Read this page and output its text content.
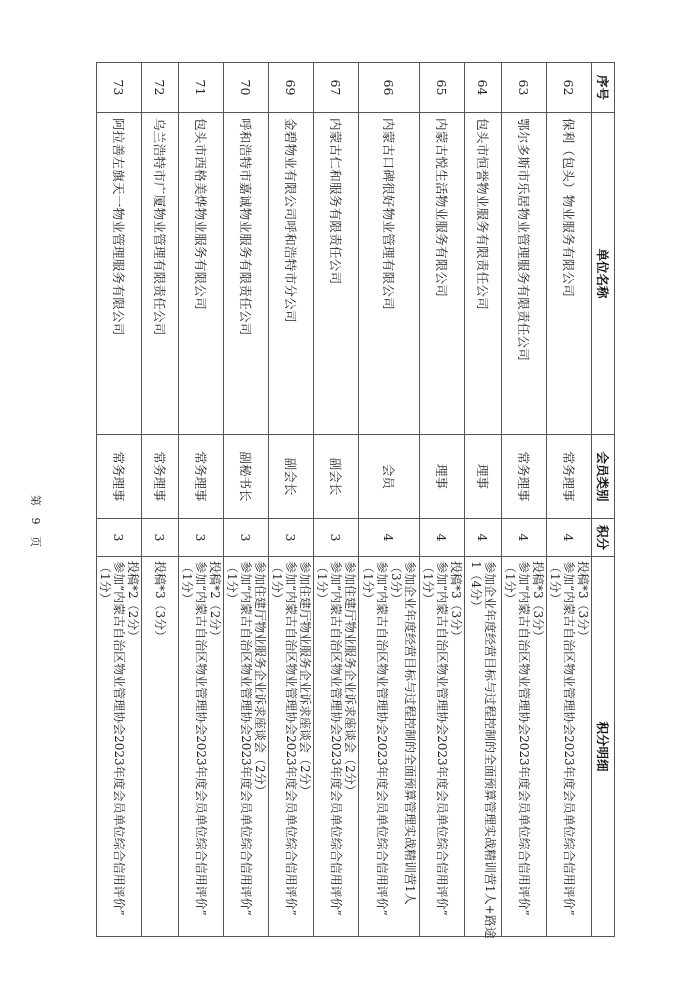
序号	单位名称	会员类别	积分	积分明细
62	保利（包头）物业服务有限公司	常务理事	4	投稿*3（3分）
参加“内蒙古自治区物业管理协会2023年度会员单位综合信用评价”
（1分）

63	鄂尔多斯市乐居物业管理服务有限责任公司	常务理事	4	投稿*3（3分）
参加“内蒙古自治区物业管理协会2023年度会员单位综合信用评价”
（1分）

64	包头市恒誉物业服务有限责任公司	理事	4	参加企业年度经营目标与过程控制的全面预算管理实战精训营1人+路途
1（4分）

65	内蒙古悦生活物业服务有限公司	理事	4	投稿*3（3分）
参加“内蒙古自治区物业管理协会2023年度会员单位综合信用评价”
（1分）

66	内蒙古口碑很好物业管理有限公司	会员	4	参加企业年度经营目标与过程控制的全面预算管理实战精训营1人
（3分）
参加“内蒙古自治区物业管理协会2023年度会员单位综合信用评价”
（1分）

67	内蒙古仁和服务有限责任公司	副会长	3	参加住建厅物业服务企业诉求座谈会（2分）
参加“内蒙古自治区物业管理协会2023年度会员单位综合信用评价”
（1分）

69	金碧物业有限公司呼和浩特市分公司	副会长	3	参加住建厅物业服务企业诉求座谈会（2分）
参加“内蒙古自治区物业管理协会2023年度会员单位综合信用评价”
（1分）

70	呼和浩特市嘉诚物业服务有限责任公司	副秘书长	3	参加住建厅物业服务企业诉求座谈会（2分）
参加“内蒙古自治区物业管理协会2023年度会员单位综合信用评价”
（1分）

71	包头市西格美烨物业服务有限公司	常务理事	3	投稿*2（2分）
参加“内蒙古自治区物业管理协会2023年度会员单位综合信用评价”
（1分）

72	乌兰浩特市广厦物业管理有限责任公司	常务理事	3	投稿*3（3分）

73	阿拉善左旗天一物业管理服务有限公司	常务理事	3	投稿*2（2分）
参加“内蒙古自治区物业管理协会2023年度会员单位综合信用评价”
（1分）
第 9 页
